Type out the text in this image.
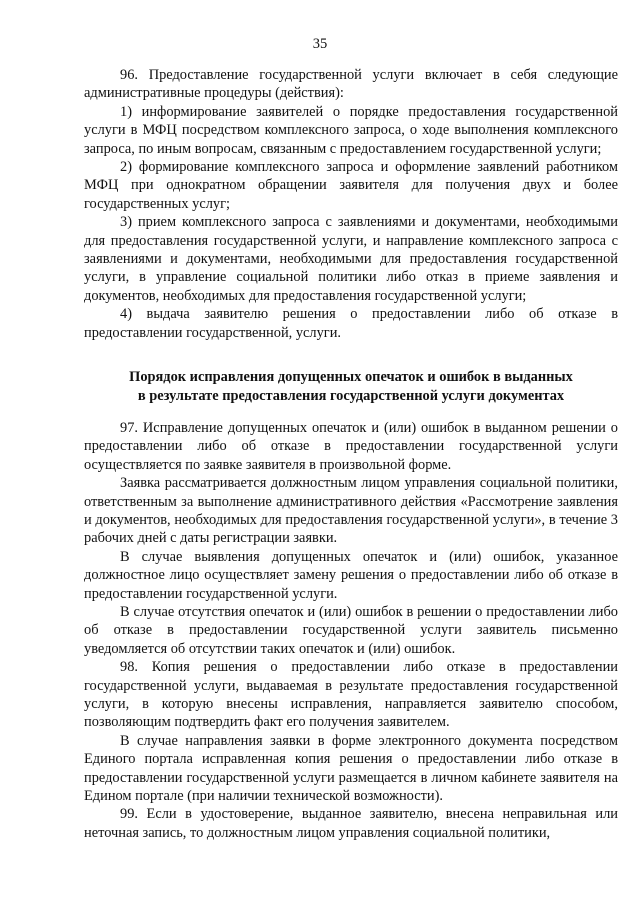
35

96. Предоставление государственной услуги включает в себя следующие административные процедуры (действия):

1) информирование заявителей о порядке предоставления государственной услуги в МФЦ посредством комплексного запроса, о ходе выполнения комплексного запроса, по иным вопросам, связанным с предоставлением государственной услуги;

2) формирование комплексного запроса и оформление заявлений работником МФЦ при однократном обращении заявителя для получения двух и более государственных услуг;

3) прием комплексного запроса с заявлениями и документами, необходимыми для предоставления государственной услуги, и направление комплексного запроса с заявлениями и документами, необходимыми для предоставления государственной услуги, в управление социальной политики либо отказ в приеме заявления и документов, необходимых для предоставления государственной услуги;

4) выдача заявителю решения о предоставлении либо об отказе в предоставлении государственной, услуги.

Порядок исправления допущенных опечаток и ошибок в выданных
в результате предоставления государственной услуги документах

97. Исправление допущенных опечаток и (или) ошибок в выданном решении о предоставлении либо об отказе в предоставлении государственной услуги осуществляется по заявке заявителя в произвольной форме.

Заявка рассматривается должностным лицом управления социальной политики, ответственным за выполнение административного действия «Рассмотрение заявления и документов, необходимых для предоставления государственной услуги», в течение 3 рабочих дней с даты регистрации заявки.

В случае выявления допущенных опечаток и (или) ошибок, указанное должностное лицо осуществляет замену решения о предоставлении либо об отказе в предоставлении государственной услуги.

В случае отсутствия опечаток и (или) ошибок в решении о предоставлении либо об отказе в предоставлении государственной услуги заявитель письменно уведомляется об отсутствии таких опечаток и (или) ошибок.

98. Копия решения о предоставлении либо отказе в предоставлении государственной услуги, выдаваемая в результате предоставления государственной услуги, в которую внесены исправления, направляется заявителю способом, позволяющим подтвердить факт его получения заявителем.

В случае направления заявки в форме электронного документа посредством Единого портала исправленная копия решения о предоставлении либо отказе в предоставлении государственной услуги размещается в личном кабинете заявителя на Едином портале (при наличии технической возможности).

99. Если в удостоверение, выданное заявителю, внесена неправильная или неточная запись, то должностным лицом управления социальной политики,
